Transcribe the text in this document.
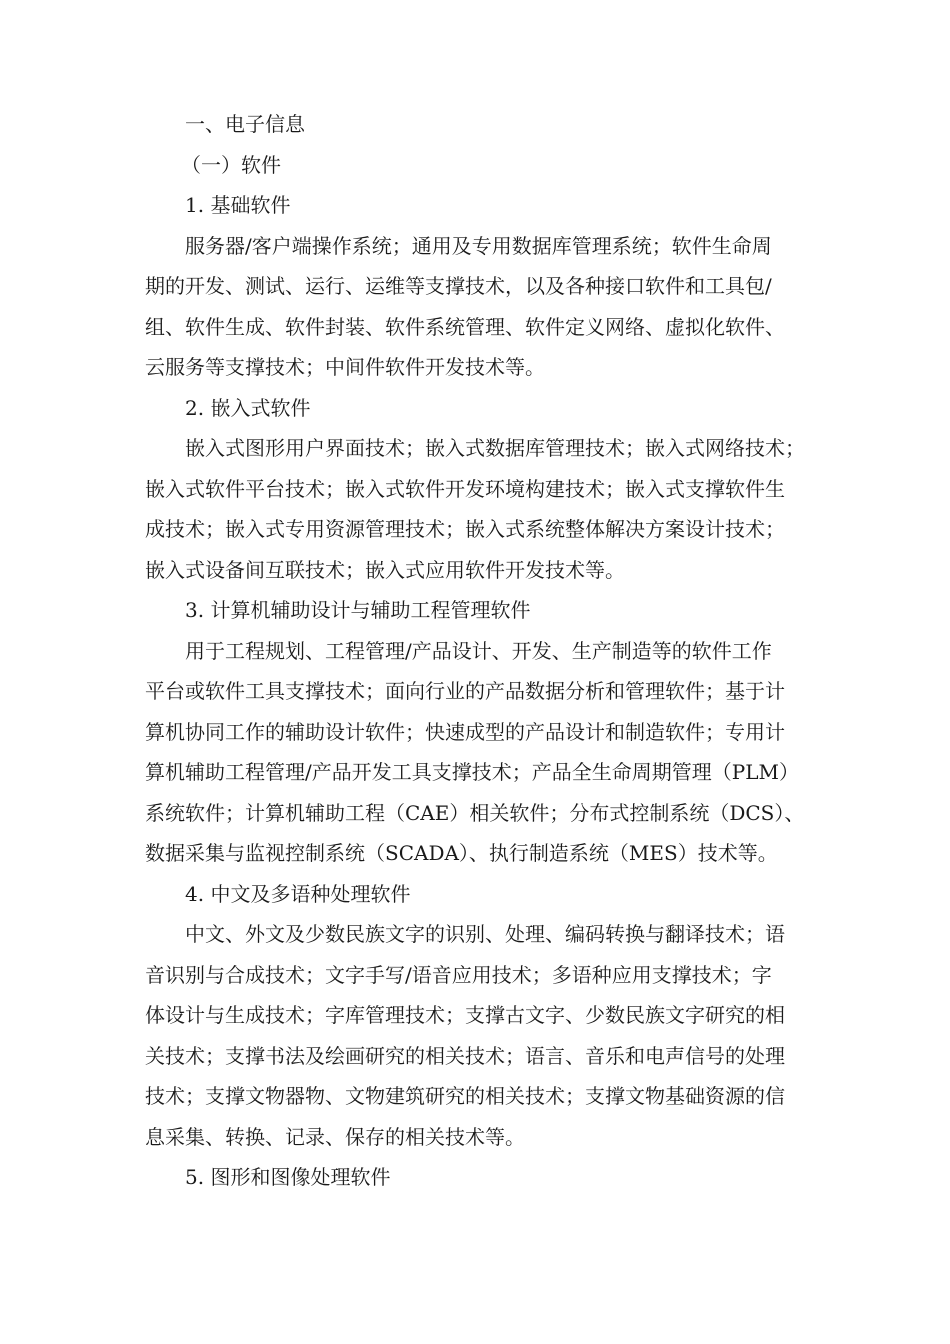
一、电子信息

（一）软件

1. 基础软件

服务器/客户端操作系统；通用及专用数据库管理系统；软件生命周
期的开发、测试、运行、运维等支撑技术，以及各种接口软件和工具包/
组、软件生成、软件封装、软件系统管理、软件定义网络、虚拟化软件、
云服务等支撑技术；中间件软件开发技术等。

2. 嵌入式软件

嵌入式图形用户界面技术；嵌入式数据库管理技术；嵌入式网络技术；
嵌入式软件平台技术；嵌入式软件开发环境构建技术；嵌入式支撑软件生
成技术；嵌入式专用资源管理技术；嵌入式系统整体解决方案设计技术；
嵌入式设备间互联技术；嵌入式应用软件开发技术等。

3. 计算机辅助设计与辅助工程管理软件

用于工程规划、工程管理/产品设计、开发、生产制造等的软件工作
平台或软件工具支撑技术；面向行业的产品数据分析和管理软件；基于计
算机协同工作的辅助设计软件；快速成型的产品设计和制造软件；专用计
算机辅助工程管理/产品开发工具支撑技术；产品全生命周期管理（PLM）
系统软件；计算机辅助工程（CAE）相关软件；分布式控制系统（DCS）、
数据采集与监视控制系统（SCADA）、执行制造系统（MES）技术等。

4. 中文及多语种处理软件

中文、外文及少数民族文字的识别、处理、编码转换与翻译技术；语
音识别与合成技术；文字手写/语音应用技术；多语种应用支撑技术；字
体设计与生成技术；字库管理技术；支撑古文字、少数民族文字研究的相
关技术；支撑书法及绘画研究的相关技术；语言、音乐和电声信号的处理
技术；支撑文物器物、文物建筑研究的相关技术；支撑文物基础资源的信
息采集、转换、记录、保存的相关技术等。

5. 图形和图像处理软件
